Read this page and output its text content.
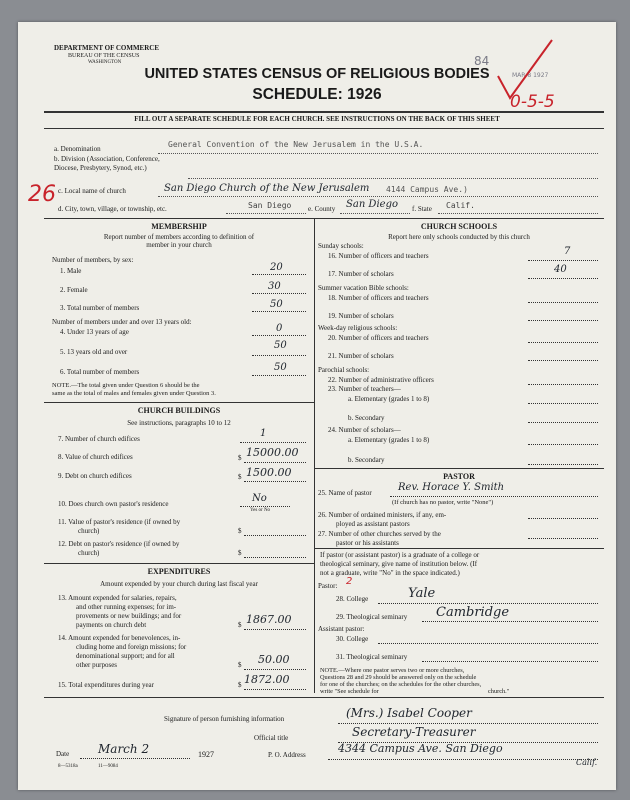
DEPARTMENT OF COMMERCE
BUREAU OF THE CENSUS
WASHINGTON	84
MAR 8 1927
0-5-5
UNITED STATES CENSUS OF RELIGIOUS BODIES
SCHEDULE: 1926
FILL OUT A SEPARATE SCHEDULE FOR EACH CHURCH. SEE INSTRUCTIONS ON THE BACK OF THIS SHEET
a. Denomination	General Convention of the New Jerusalem in the U.S.A.
b. Division (Association, Conference, Diocese, Presbytery, Synod, etc.)
26 c. Local name of church	San Diego Church of the New Jerusalem 4144 Campus Ave.)
d. City, town, village, or township, etc.	San Diego e. County San Diego f. State Calif.
MEMBERSHIP
Report number of members according to definition of
member in your church
Number of members, by sex:
1. Male	20
2. Female	30
3. Total number of members	50
Number of members under and over 13 years old:
4. Under 13 years of age	0
5. 13 years old and over
50
6. Total number of members	50
NOTE.—The total given under Question 6 should be the
same as the total of males and females given under Question 3.
CHURCH BUILDINGS
See instructions, paragraphs 10 to 12
7. Number of church edifices	1
8. Value of church edifices	$ 15000.00
9. Debt on church edifices	$ 1500.00
10. Does church own pastor's residence	No
Yes or No
11. Value of pastor's residence (if owned by
church)	$
12. Debt on pastor's residence (if owned by
church)	$
EXPENDITURES
Amount expended by your church during last fiscal year
13. Amount expended for salaries, repairs,
and other running expenses; for im-
provements or new buildings; and for
payments on church debt	$ 1867.00
14. Amount expended for benevolences, in-
cluding home and foreign missions; for
denominational support; and for all
other purposes	$ 50.00
15. Total expenditures during year	$ 1872.00
CHURCH SCHOOLS
Report here only schools conducted by this church
Sunday schools:
16. Number of officers and teachers	7
17. Number of scholars	40
Summer vacation Bible schools:
18. Number of officers and teachers
19. Number of scholars
Week-day religious schools:
20. Number of officers and teachers
21. Number of scholars
Parochial schools:
22. Number of administrative officers
23. Number of teachers—
a. Elementary (grades 1 to 8)
b. Secondary
24. Number of scholars—
a. Elementary (grades 1 to 8)
b. Secondary
PASTOR
25. Name of pastor	Rev. Horace Y. Smith
(If church has no pastor, write "None")
26. Number of ordained ministers, if any, em-
ployed as assistant pastors
27. Number of other churches served by the
pastor or his assistants
If pastor (or assistant pastor) is a graduate of a college or
theological seminary, give name of institution below. (If
not a graduate, write "No" in the space indicated.)
Pastor: 2
28. College	Yale
29. Theological seminary Cambridge
Assistant pastor:
30. College
31. Theological seminary
NOTE.—Where one pastor serves two or more churches,
Questions 28 and 29 should be answered only on the schedule
for one of the churches; on the schedules for the other churches,
write "See schedule for	church."
Signature of person furnishing information	(Mrs.) Isabel Cooper
Official title	Secretary-Treasurer
Date March 2	1927	P. O. Address	4344 Campus Ave. San Diego
Calif.
8—5318a	11—9084
